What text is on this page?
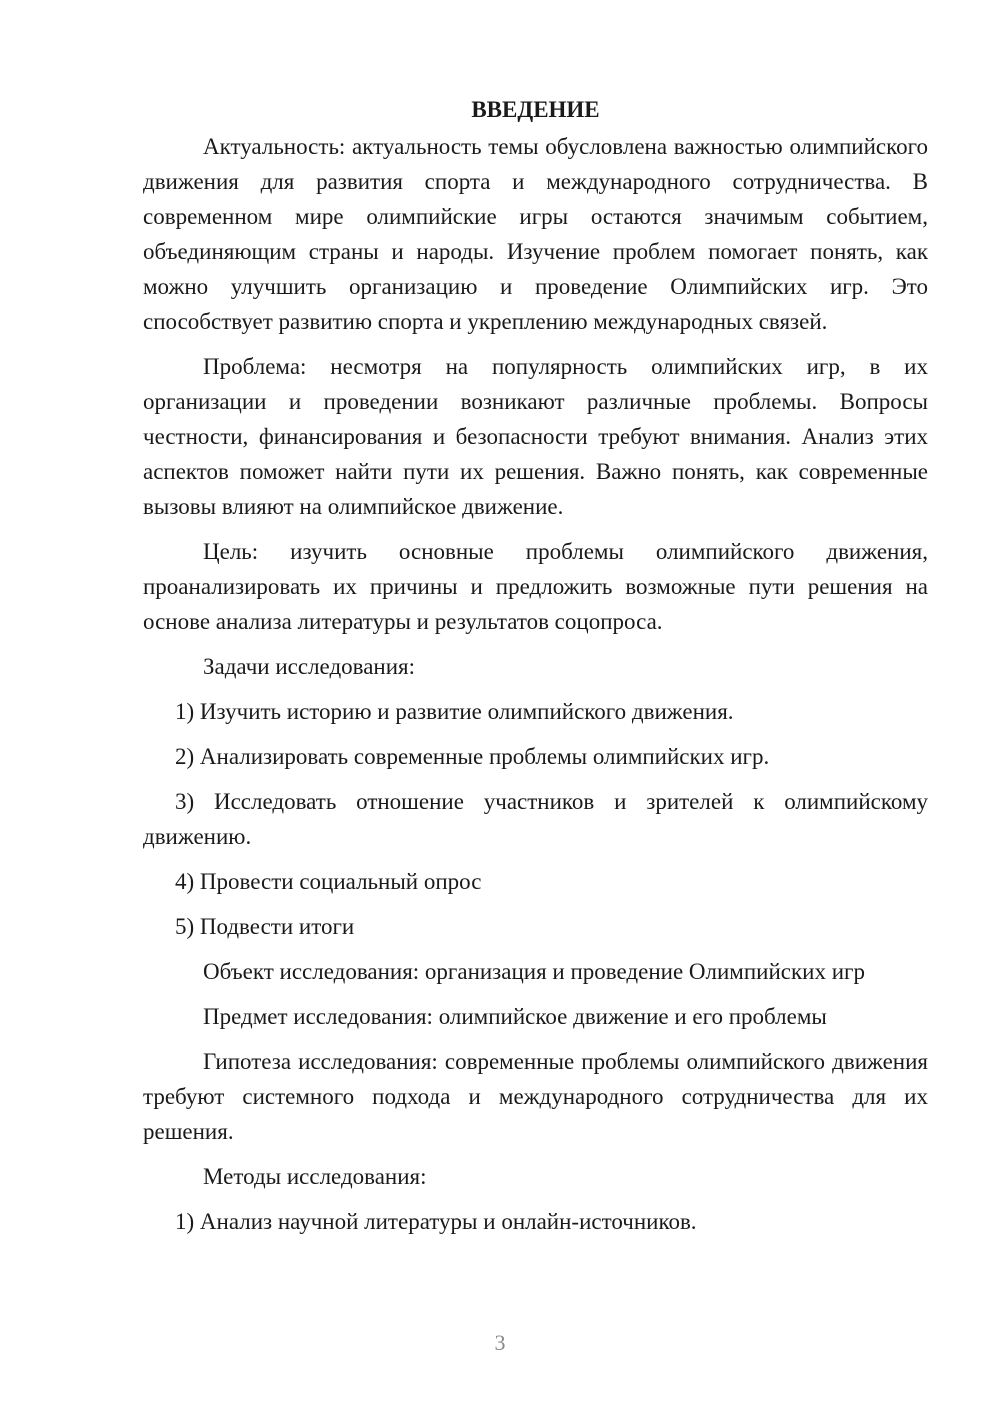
ВВЕДЕНИЕ

Актуальность: актуальность темы обусловлена важностью олимпийского движения для развития спорта и международного сотрудничества. В современном мире олимпийские игры остаются значимым событием, объединяющим страны и народы. Изучение проблем помогает понять, как можно улучшить организацию и проведение Олимпийских игр. Это способствует развитию спорта и укреплению международных связей.

Проблема: несмотря на популярность олимпийских игр, в их организации и проведении возникают различные проблемы. Вопросы честности, финансирования и безопасности требуют внимания. Анализ этих аспектов поможет найти пути их решения. Важно понять, как современные вызовы влияют на олимпийское движение.

Цель: изучить основные проблемы олимпийского движения, проанализировать их причины и предложить возможные пути решения на основе анализа литературы и результатов соцопроса.

Задачи исследования:

1) Изучить историю и развитие олимпийского движения.

2) Анализировать современные проблемы олимпийских игр.

3) Исследовать отношение участников и зрителей к олимпийскому движению.

4) Провести социальный опрос

5) Подвести итоги

Объект исследования: организация и проведение Олимпийских игр

Предмет исследования: олимпийское движение и его проблемы

Гипотеза исследования: современные проблемы олимпийского движения требуют системного подхода и международного сотрудничества для их решения.

Методы исследования:

1) Анализ научной литературы и онлайн-источников.

3
